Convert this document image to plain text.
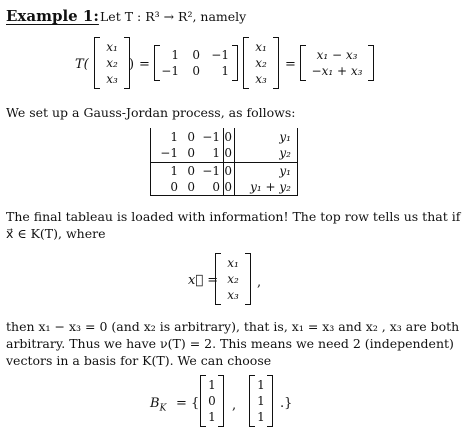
Example 1: Let T : R³ → R², namely
T(
x₁
x₂
x₃
) =
1 0 −1
−1 0 1
x₁
x₂
x₃
=
x₁ − x₃
−x₁ + x₃
We set up a Gauss-Jordan process, as follows:
1 0 −1 0	y₁
−1 0 1 0	y₂
1 0 −1 0	y₁
0 0 0 0 y₁ + y₂
The final tableau is loaded with information! The top row tells us that if
x⃗ ∈ K(T), where
x⃗ =
x₁
x₂
x₃
,
then x₁ − x₃ = 0 (and x₂ is arbitrary), that is, x₁ = x₃ and x₂ , x₃ are both
arbitrary. Thus we have ν(T) = 2. This means we need 2 (independent)
vectors in a basis for K(T). We can choose
$B_K$ = {
1
0
1
,
1
1
1
.}
